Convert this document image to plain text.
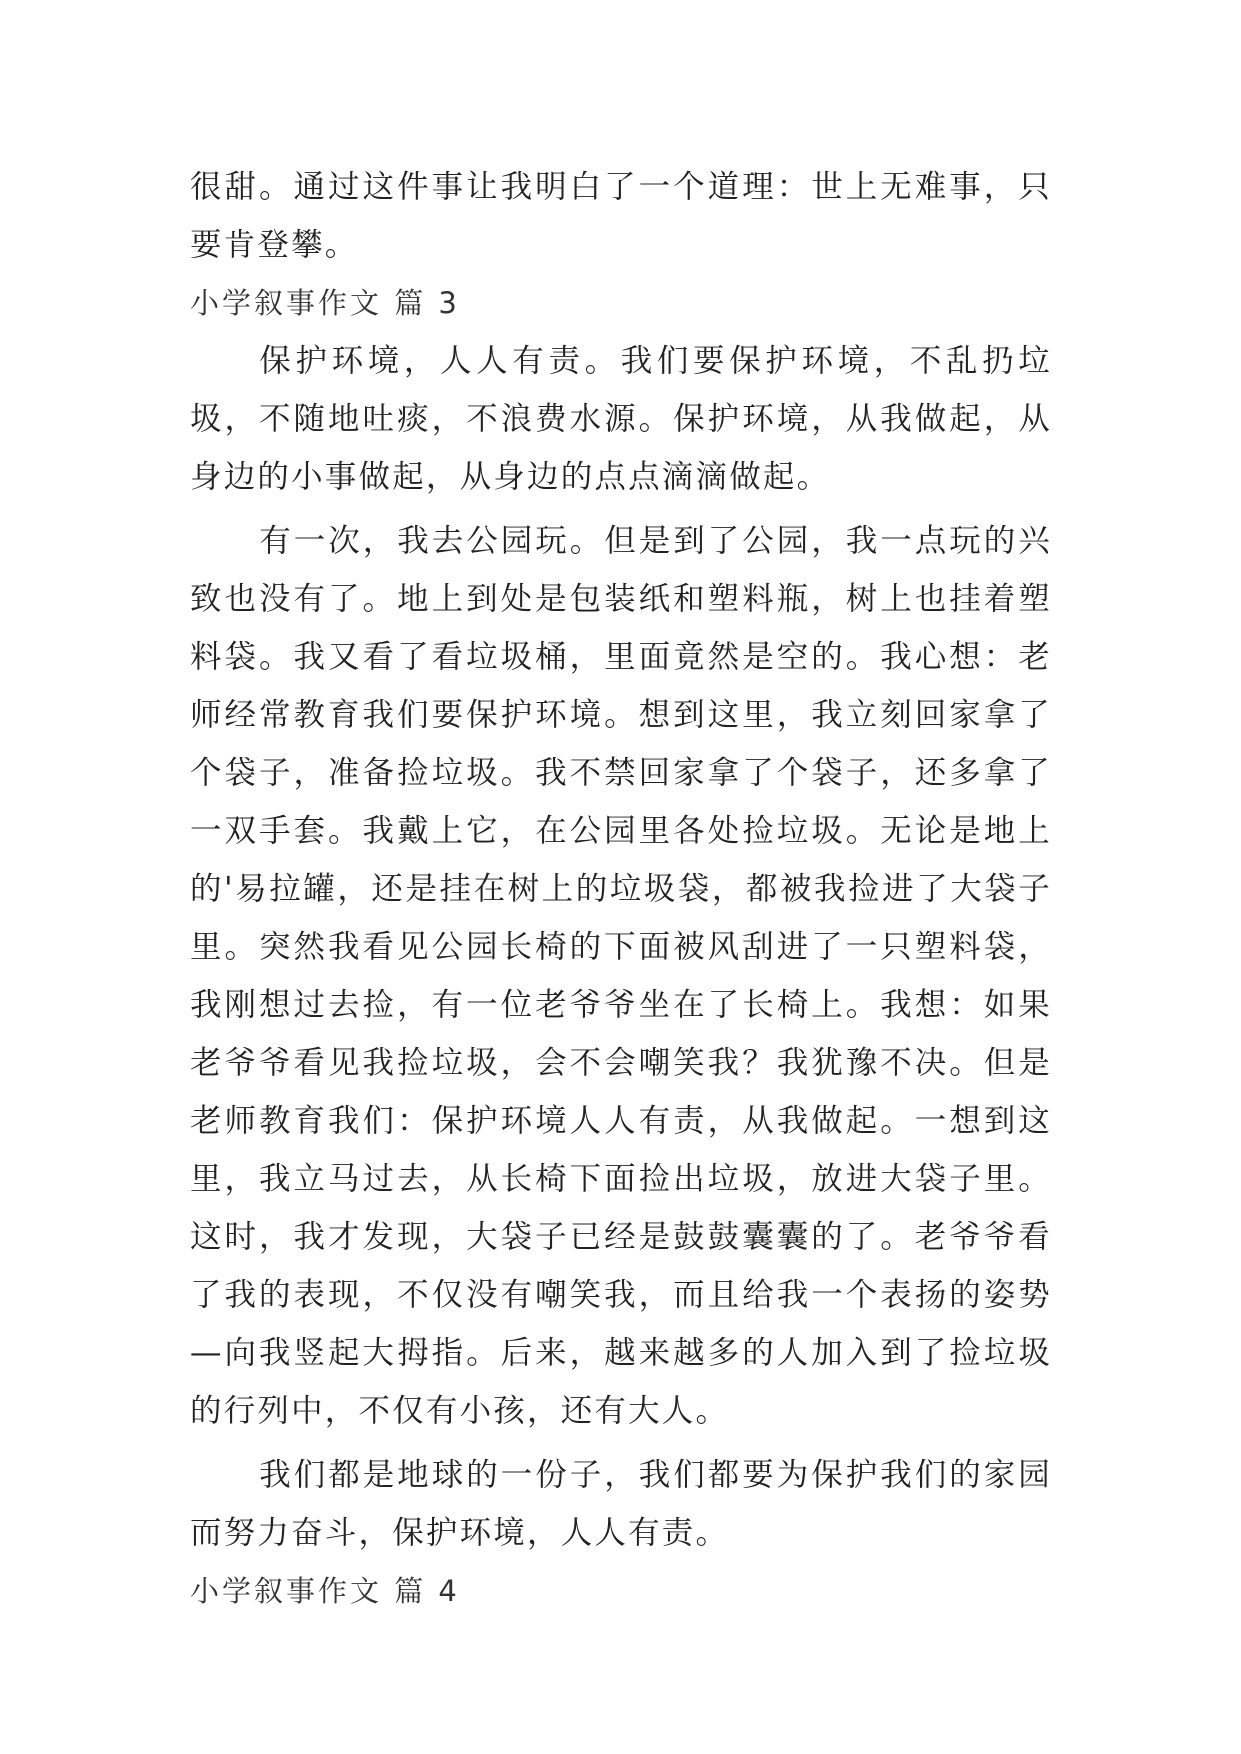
很甜。通过这件事让我明白了一个道理：世上无难事，只要肯登攀。

小学叙事作文 篇 3

保护环境，人人有责。我们要保护环境，不乱扔垃圾，不随地吐痰，不浪费水源。保护环境，从我做起，从身边的小事做起，从身边的点点滴滴做起。

有一次，我去公园玩。但是到了公园，我一点玩的兴致也没有了。地上到处是包装纸和塑料瓶，树上也挂着塑料袋。我又看了看垃圾桶，里面竟然是空的。我心想：老师经常教育我们要保护环境。想到这里，我立刻回家拿了个袋子，准备捡垃圾。我不禁回家拿了个袋子，还多拿了一双手套。我戴上它，在公园里各处捡垃圾。无论是地上的'易拉罐，还是挂在树上的垃圾袋，都被我捡进了大袋子里。突然我看见公园长椅的下面被风刮进了一只塑料袋，我刚想过去捡，有一位老爷爷坐在了长椅上。我想：如果老爷爷看见我捡垃圾，会不会嘲笑我？我犹豫不决。但是老师教育我们：保护环境人人有责，从我做起。一想到这里，我立马过去，从长椅下面捡出垃圾，放进大袋子里。这时，我才发现，大袋子已经是鼓鼓囊囊的了。老爷爷看了我的表现，不仅没有嘲笑我，而且给我一个表扬的姿势—向我竖起大拇指。后来，越来越多的人加入到了捡垃圾的行列中，不仅有小孩，还有大人。

我们都是地球的一份子，我们都要为保护我们的家园而努力奋斗，保护环境，人人有责。

小学叙事作文 篇 4
